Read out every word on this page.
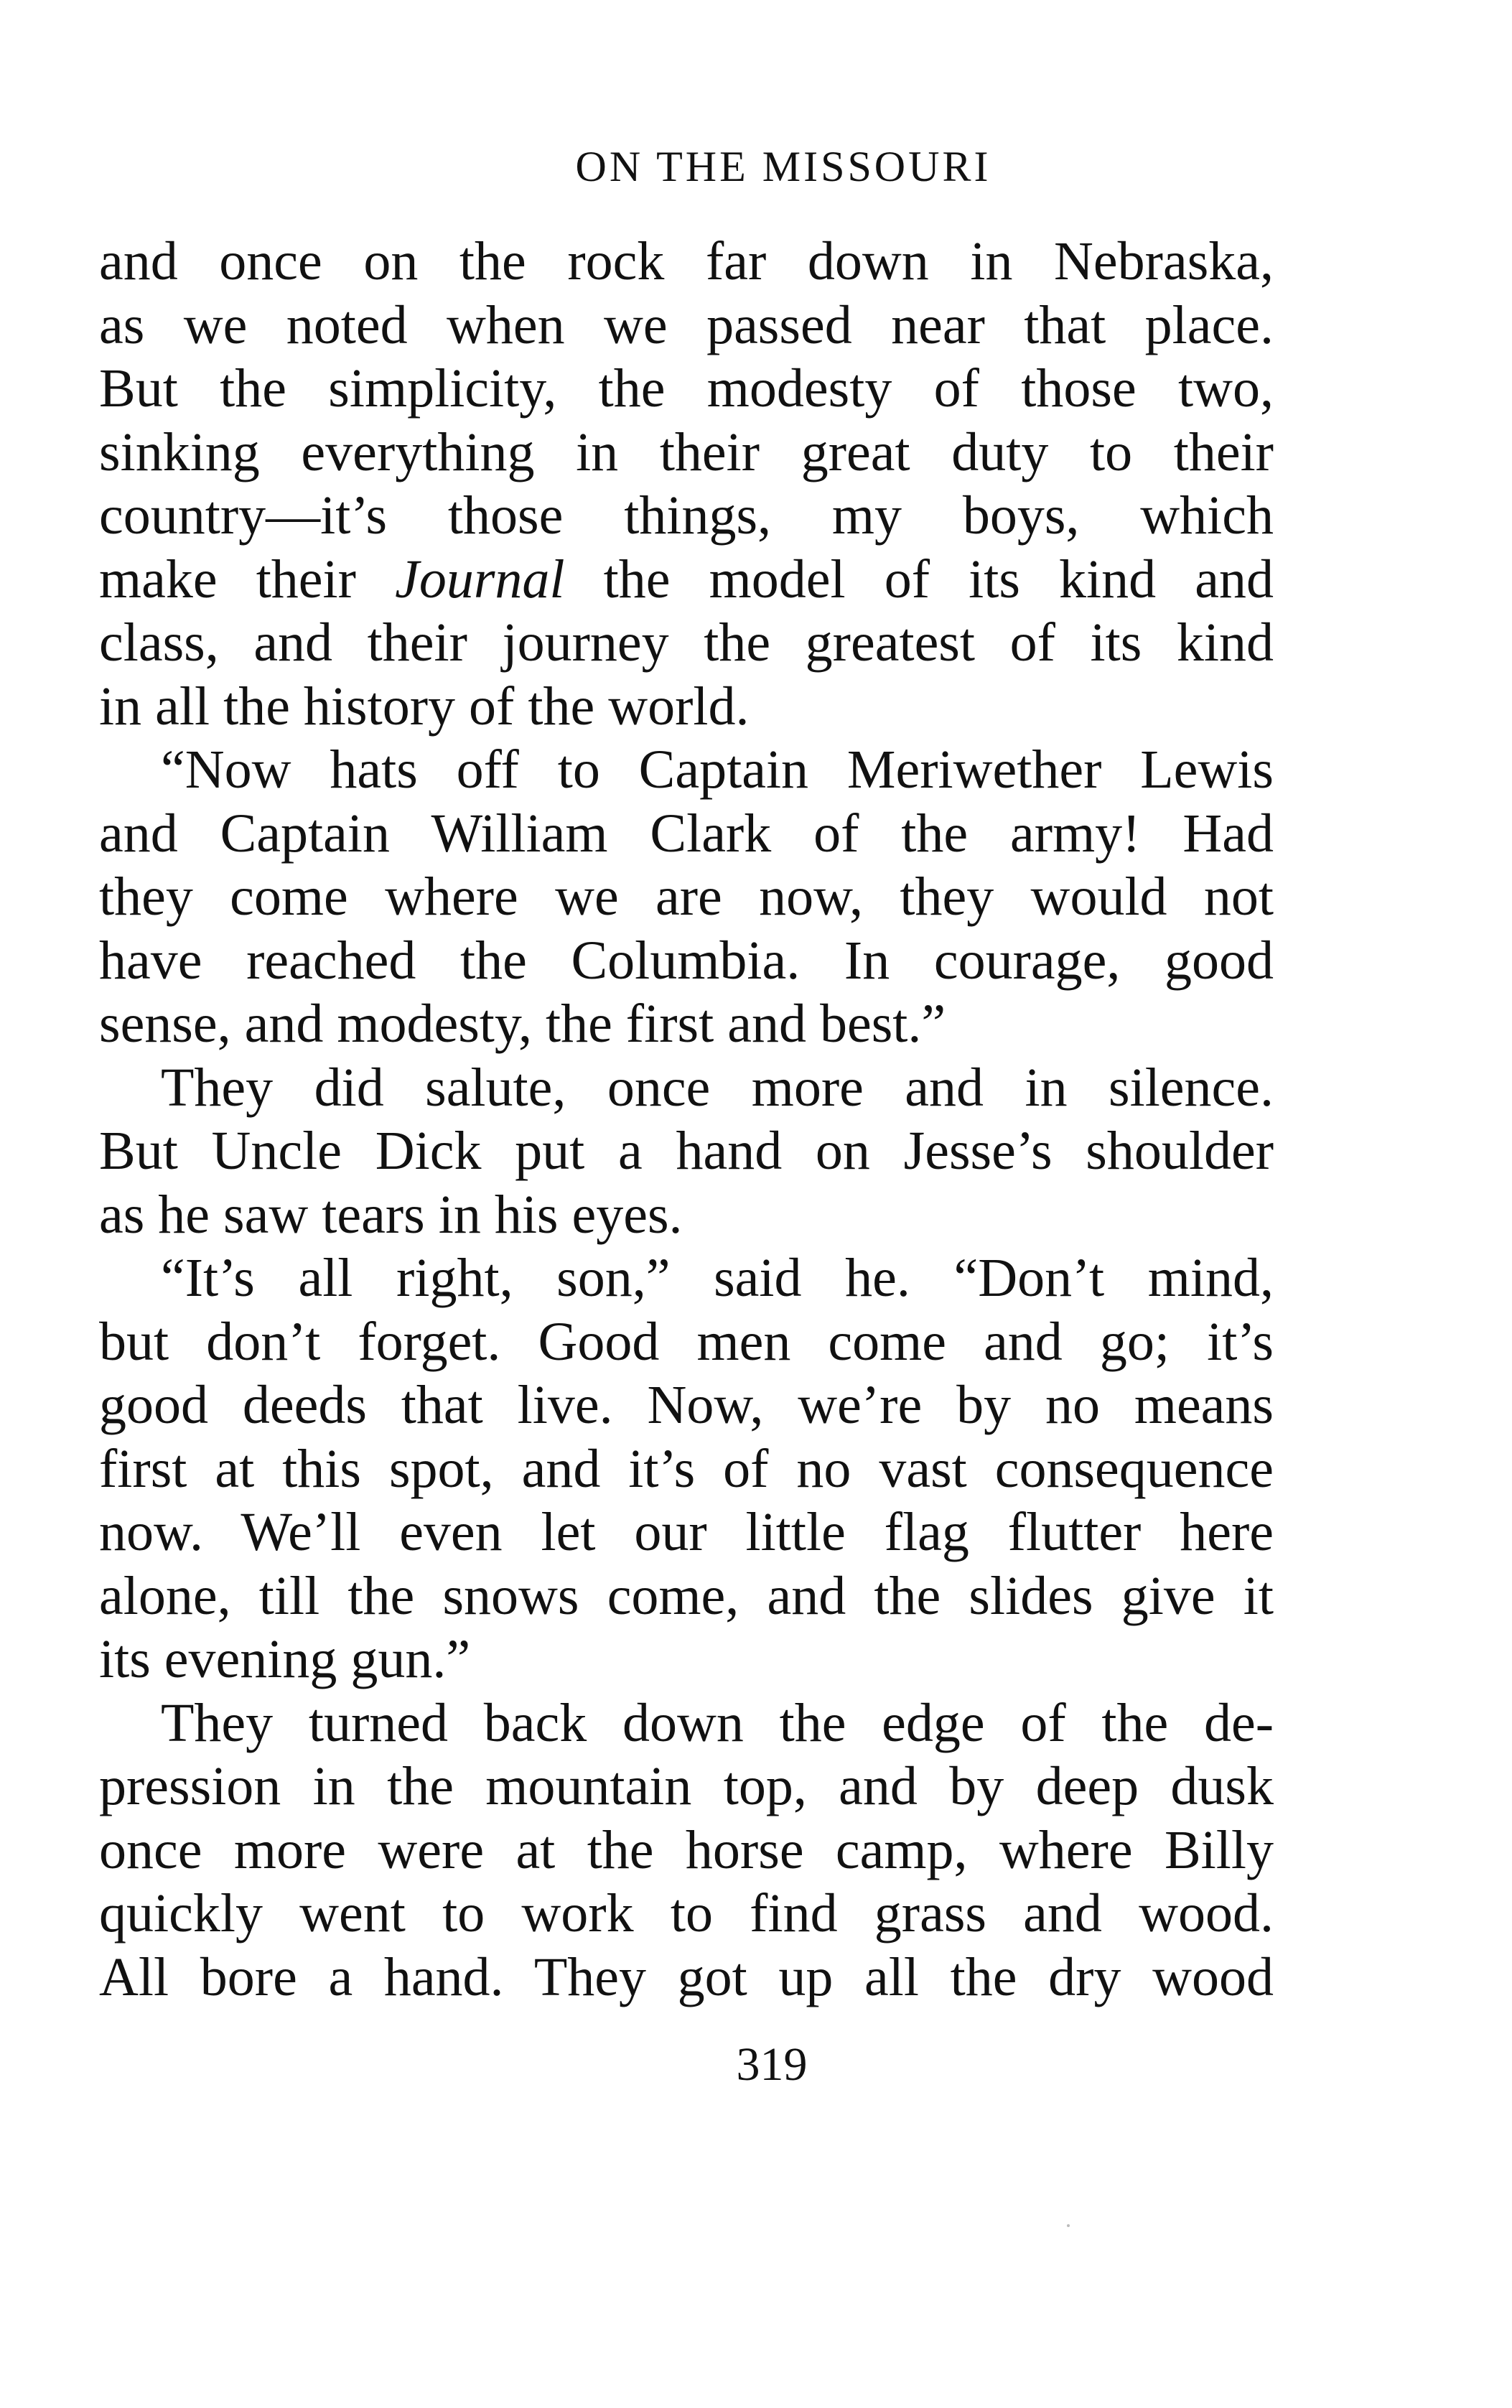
ON THE MISSOURI
and once on the rock far down in Nebraska,
as we noted when we passed near that place.
But the simplicity, the modesty of those two,
sinking everything in their great duty to their
country—it’s those things, my boys, which
make their Journal the model of its kind and
class, and their journey the greatest of its kind
in all the history of the world.
“Now hats off to Captain Meriwether Lewis
and Captain William Clark of the army! Had
they come where we are now, they would not
have reached the Columbia. In courage, good
sense, and modesty, the first and best.”
They did salute, once more and in silence.
But Uncle Dick put a hand on Jesse’s shoulder
as he saw tears in his eyes.
“It’s all right, son,” said he. “Don’t mind,
but don’t forget. Good men come and go; it’s
good deeds that live. Now, we’re by no means
first at this spot, and it’s of no vast consequence
now. We’ll even let our little flag flutter here
alone, till the snows come, and the slides give it
its evening gun.”
They turned back down the edge of the de-
pression in the mountain top, and by deep dusk
once more were at the horse camp, where Billy
quickly went to work to find grass and wood.
All bore a hand. They got up all the dry wood
319
